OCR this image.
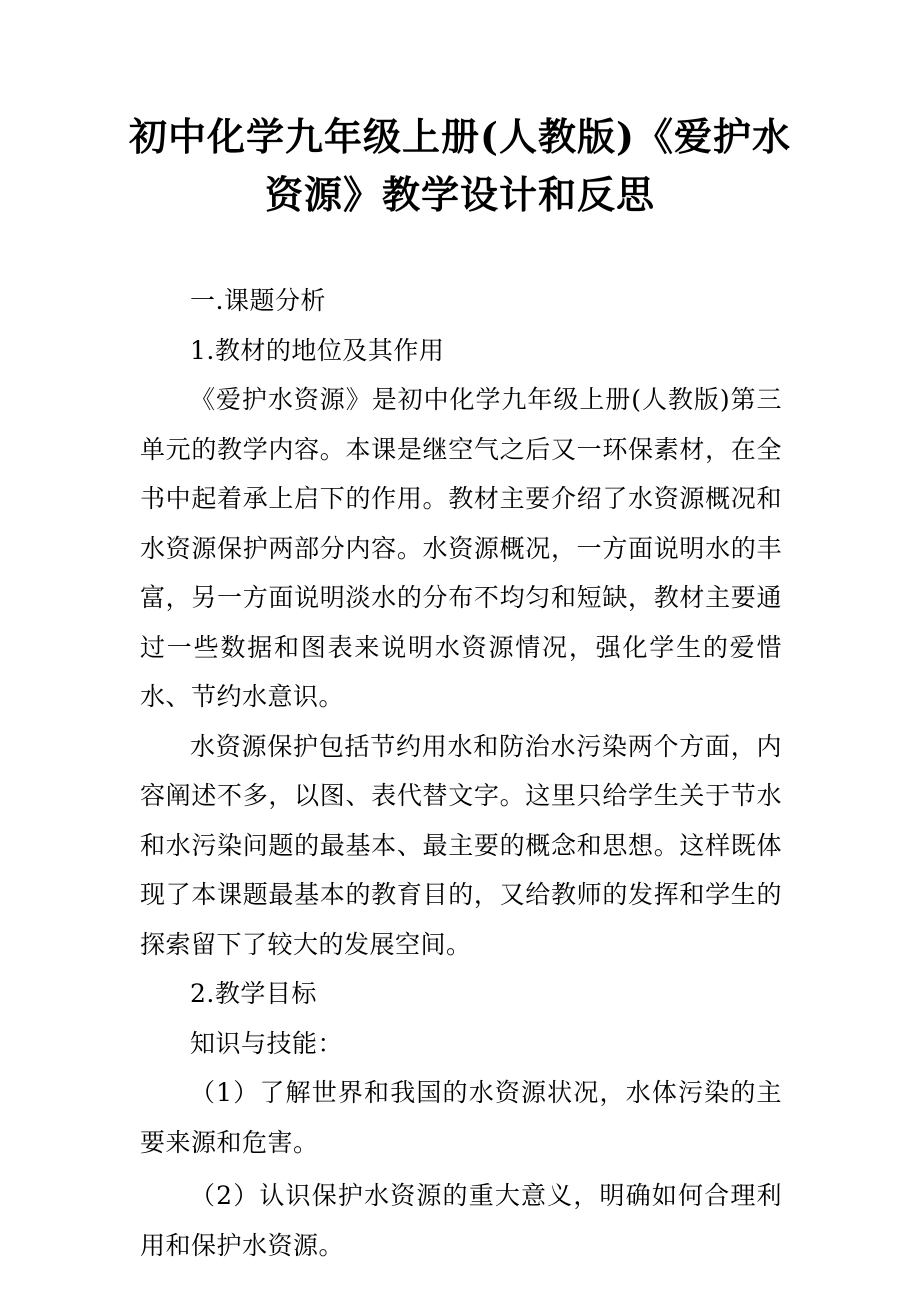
初中化学九年级上册(人教版)《爱护水
资源》教学设计和反思

一.课题分析

1.教材的地位及其作用

《爱护水资源》是初中化学九年级上册(人教版)第三单元的教学内容。本课是继空气之后又一环保素材，在全书中起着承上启下的作用。教材主要介绍了水资源概况和水资源保护两部分内容。水资源概况，一方面说明水的丰富，另一方面说明淡水的分布不均匀和短缺，教材主要通过一些数据和图表来说明水资源情况，强化学生的爱惜水、节约水意识。

水资源保护包括节约用水和防治水污染两个方面，内容阐述不多，以图、表代替文字。这里只给学生关于节水和水污染问题的最基本、最主要的概念和思想。这样既体现了本课题最基本的教育目的，又给教师的发挥和学生的探索留下了较大的发展空间。

2.教学目标

知识与技能：

（1）了解世界和我国的水资源状况，水体污染的主要来源和危害。

（2）认识保护水资源的重大意义，明确如何合理利用和保护水资源。
